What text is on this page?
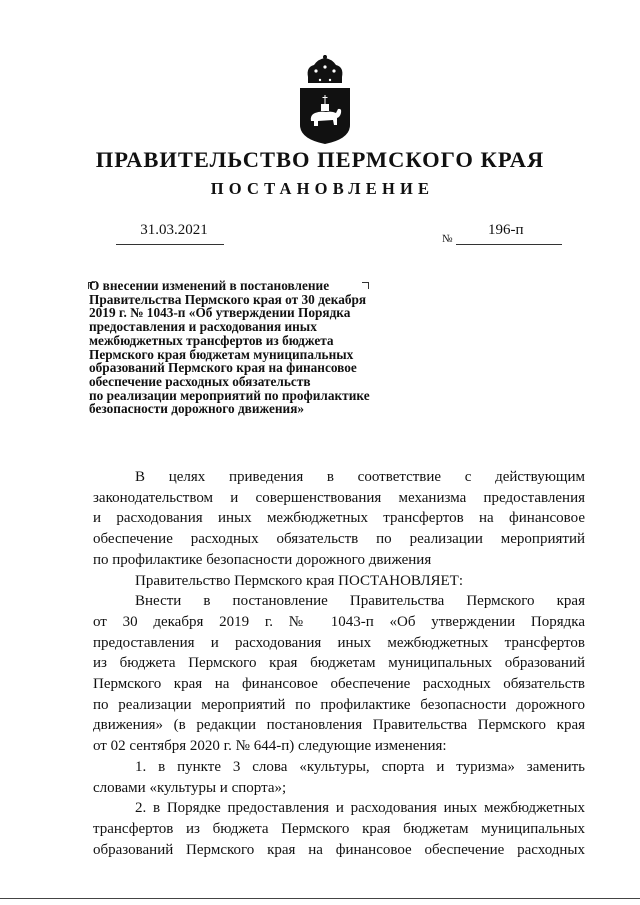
ПРАВИТЕЛЬСТВО ПЕРМСКОГО КРАЯ
ПОСТАНОВЛЕНИЕ
31.03.2021
№
196-п
О внесении изменений в постановление
Правительства Пермского края от 30 декабря
2019 г. № 1043-п «Об утверждении Порядка
предоставления и расходования иных
межбюджетных трансфертов из бюджета
Пермского края бюджетам муниципальных
образований Пермского края на финансовое
обеспечение расходных обязательств
по реализации мероприятий по профилактике
безопасности дорожного движения»

В целях приведения в соответствие с действующим

законодательством и совершенствования механизма предоставления

и расходования иных межбюджетных трансфертов на финансовое

обеспечение расходных обязательств по реализации мероприятий

по профилактике безопасности дорожного движения

Правительство Пермского края ПОСТАНОВЛЯЕТ:

Внести в постановление Правительства Пермского края

от 30 декабря 2019 г. № 1043-п «Об утверждении Порядка

предоставления и расходования иных межбюджетных трансфертов

из бюджета Пермского края бюджетам муниципальных образований

Пермского края на финансовое обеспечение расходных обязательств

по реализации мероприятий по профилактике безопасности дорожного

движения» (в редакции постановления Правительства Пермского края

от 02 сентября 2020 г. № 644-п) следующие изменения:

1. в пункте 3 слова «культуры, спорта и туризма» заменить

словами «культуры и спорта»;

2. в Порядке предоставления и расходования иных межбюджетных

трансфертов из бюджета Пермского края бюджетам муниципальных

образований Пермского края на финансовое обеспечение расходных
